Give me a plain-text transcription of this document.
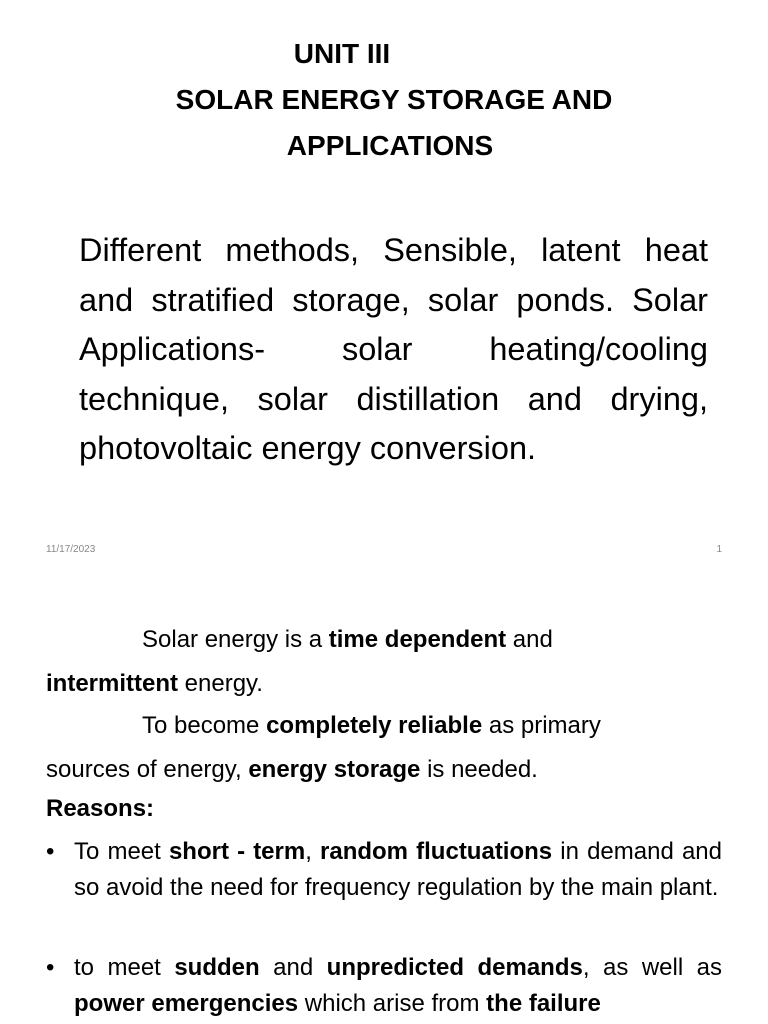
UNIT III
SOLAR ENERGY STORAGE AND
APPLICATIONS

Different methods, Sensible, latent heat and stratified storage, solar ponds. Solar Applications- solar heating/cooling technique, solar distillation and drying, photovoltaic energy conversion.

11/17/2023	1

Solar energy is a time dependent and

intermittent energy.

To become completely reliable as primary

sources of energy, energy storage is needed.

Reasons:

• To meet short - term, random fluctuations in demand and so avoid the need for frequency regulation by the main plant.
• to meet sudden and unpredicted demands, as well as power emergencies which arise from the failure
